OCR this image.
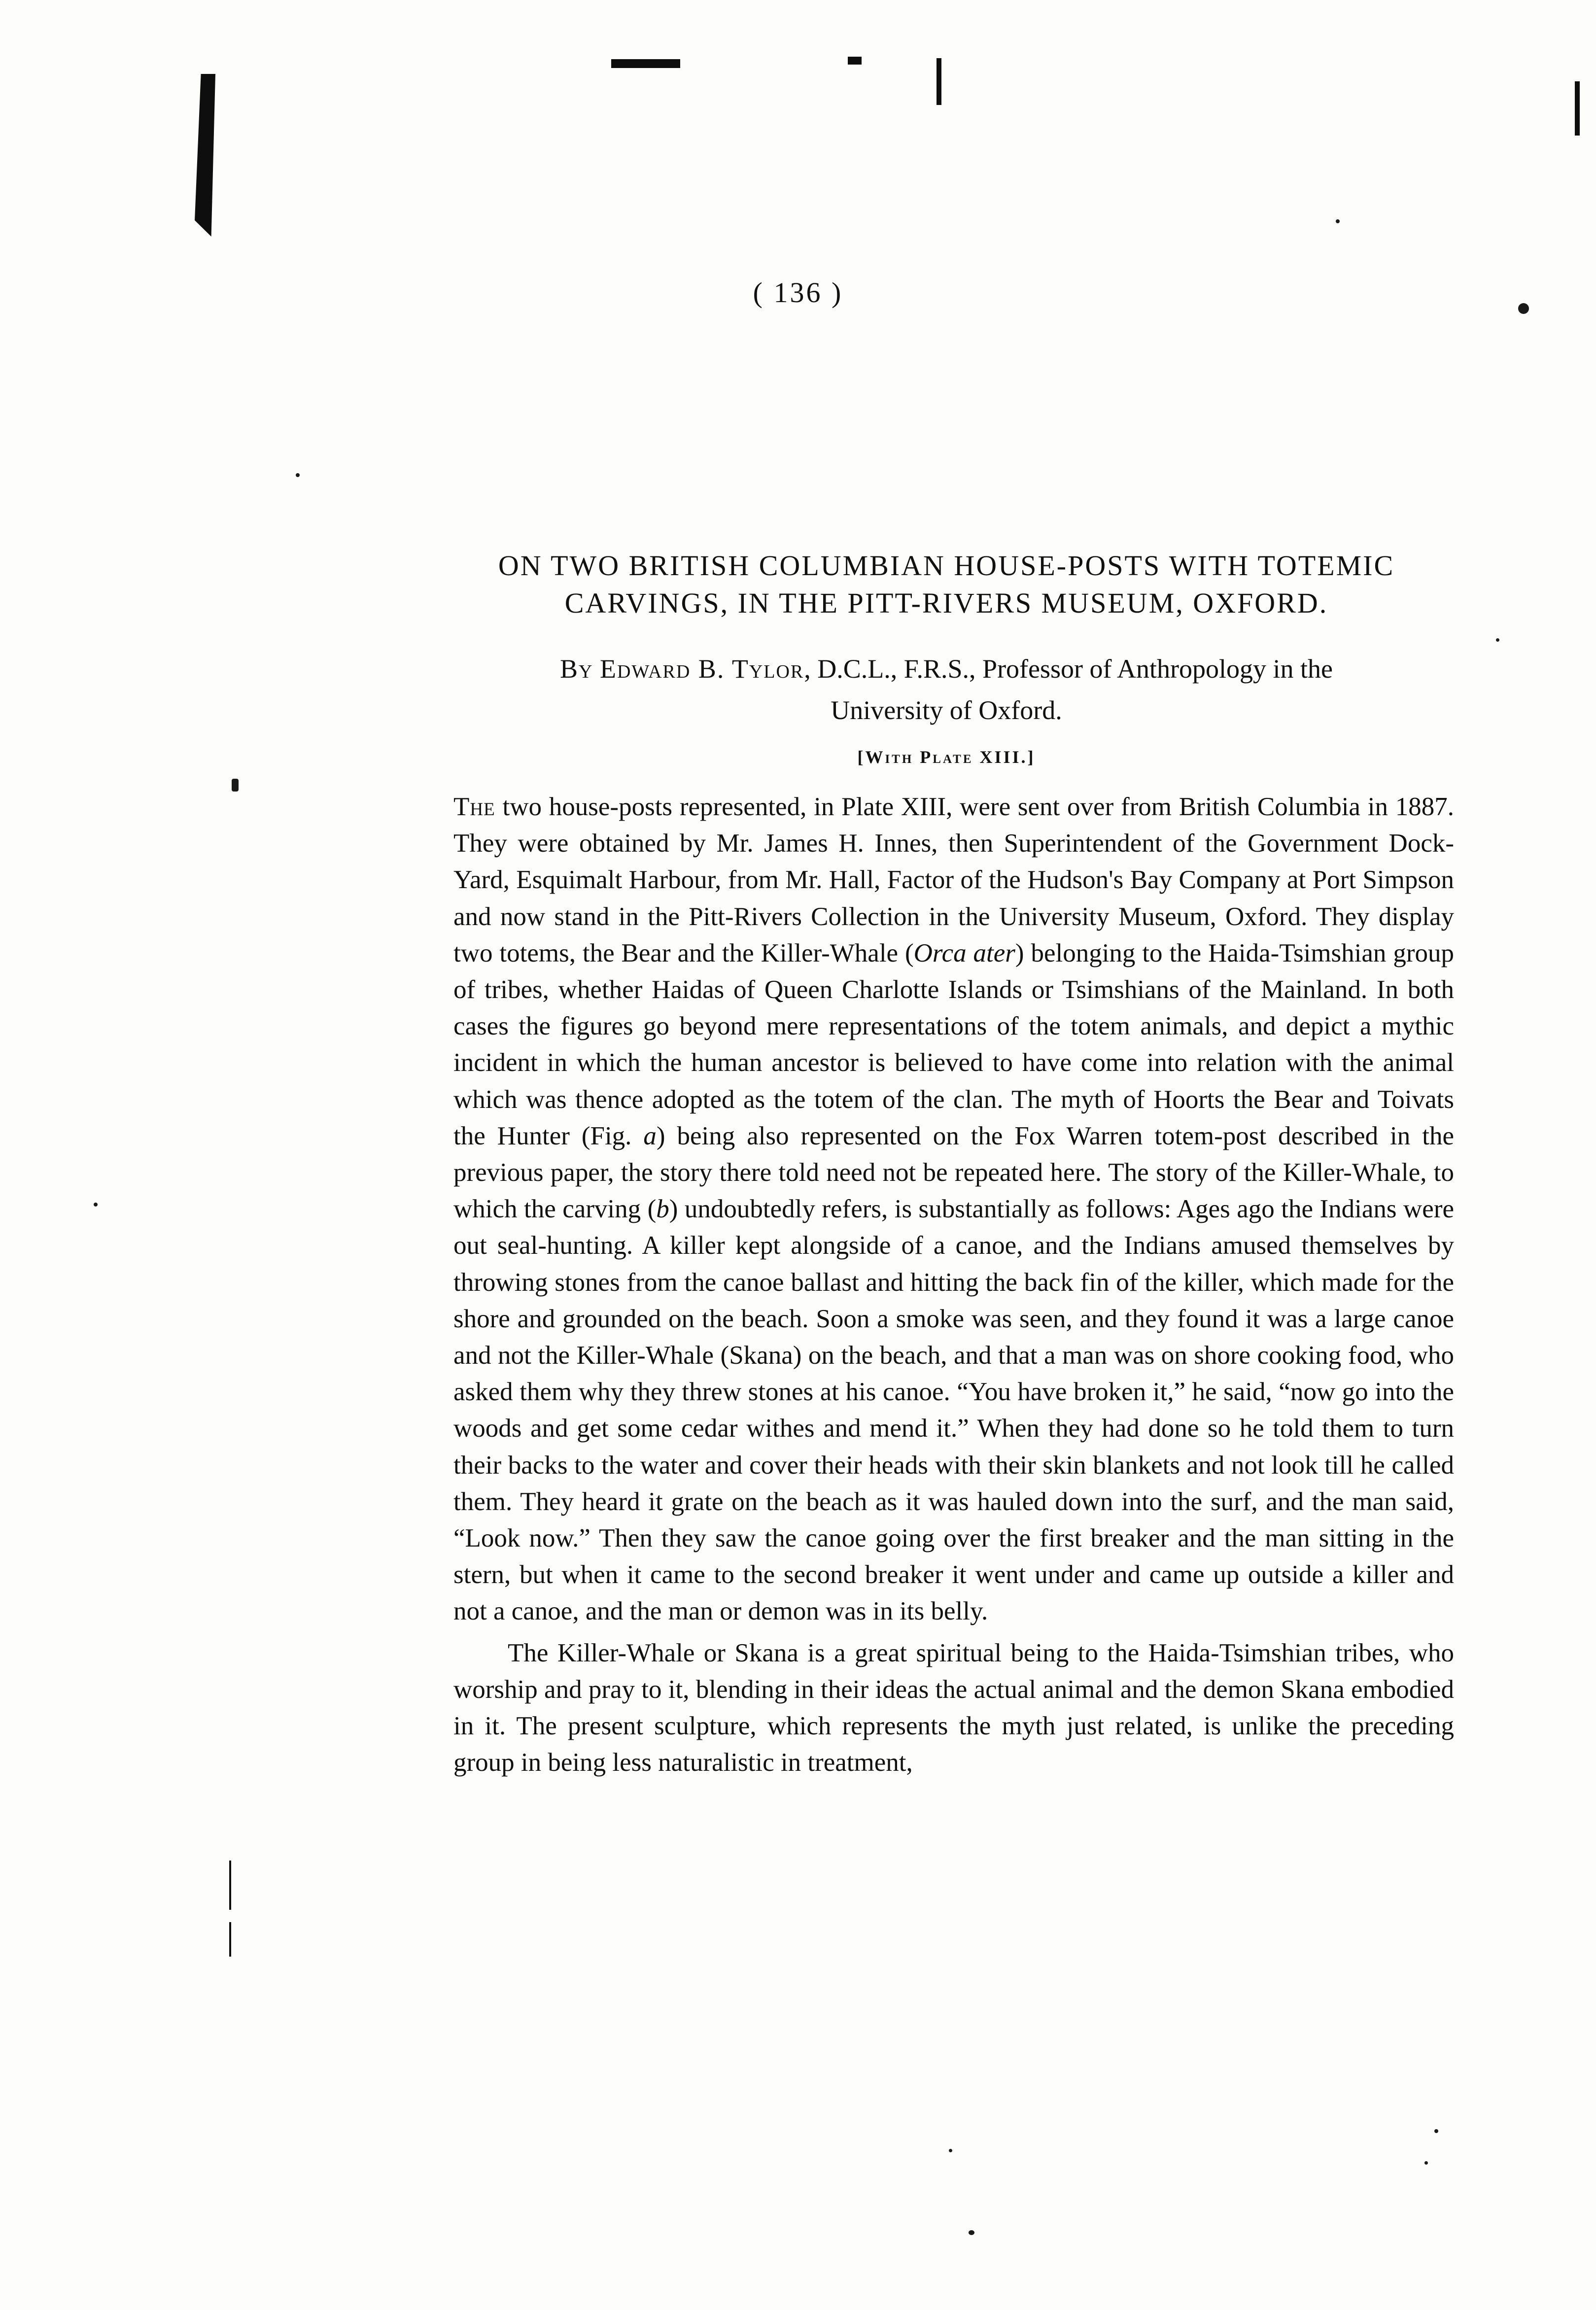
( 136 )
ON TWO BRITISH COLUMBIAN HOUSE-POSTS WITH TOTEMIC
CARVINGS, IN THE PITT-RIVERS MUSEUM, OXFORD.
By Edward B. Tylor, D.C.L., F.R.S., Professor of Anthropology in the
University of Oxford.
[With Plate XIII.]

The two house-posts represented, in Plate XIII, were sent over from British Columbia in 1887. They were obtained by Mr. James H. Innes, then Superintendent of the Government Dock-Yard, Esquimalt Harbour, from Mr. Hall, Factor of the Hudson's Bay Company at Port Simpson and now stand in the Pitt-Rivers Collection in the University Museum, Oxford. They display two totems, the Bear and the Killer-Whale (Orca ater) belonging to the Haida-Tsimshian group of tribes, whether Haidas of Queen Charlotte Islands or Tsimshians of the Mainland. In both cases the figures go beyond mere representations of the totem animals, and depict a mythic incident in which the human ancestor is believed to have come into relation with the animal which was thence adopted as the totem of the clan. The myth of Hoorts the Bear and Toivats the Hunter (Fig. a) being also represented on the Fox Warren totem-post described in the previous paper, the story there told need not be repeated here. The story of the Killer-Whale, to which the carving (b) undoubtedly refers, is substantially as follows: Ages ago the Indians were out seal-hunting. A killer kept alongside of a canoe, and the Indians amused themselves by throwing stones from the canoe ballast and hitting the back fin of the killer, which made for the shore and grounded on the beach. Soon a smoke was seen, and they found it was a large canoe and not the Killer-Whale (Skana) on the beach, and that a man was on shore cooking food, who asked them why they threw stones at his canoe. “You have broken it,” he said, “now go into the woods and get some cedar withes and mend it.” When they had done so he told them to turn their backs to the water and cover their heads with their skin blankets and not look till he called them. They heard it grate on the beach as it was hauled down into the surf, and the man said, “Look now.” Then they saw the canoe going over the first breaker and the man sitting in the stern, but when it came to the second breaker it went under and came up outside a killer and not a canoe, and the man or demon was in its belly.

The Killer-Whale or Skana is a great spiritual being to the Haida-Tsimshian tribes, who worship and pray to it, blending in their ideas the actual animal and the demon Skana embodied in it. The present sculpture, which represents the myth just related, is unlike the preceding group in being less naturalistic in treatment,
